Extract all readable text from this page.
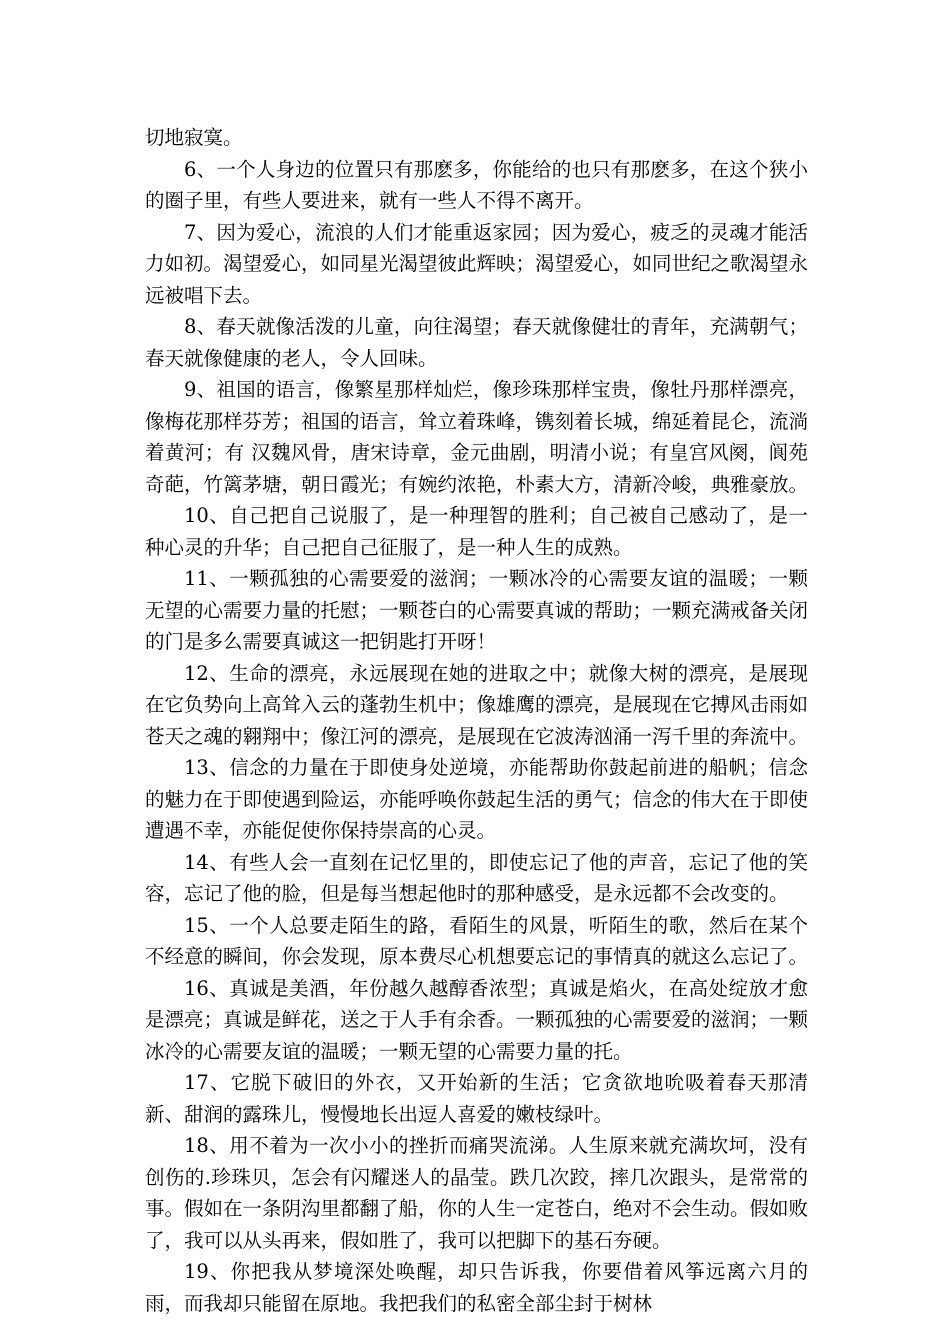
切地寂寞。

6、一个人身边的位置只有那麽多，你能给的也只有那麽多，在这个狭小的圈子里，有些人要进来，就有一些人不得不离开。

7、因为爱心，流浪的人们才能重返家园；因为爱心，疲乏的灵魂才能活力如初。渴望爱心，如同星光渴望彼此辉映；渴望爱心，如同世纪之歌渴望永远被唱下去。

8、春天就像活泼的儿童，向往渴望；春天就像健壮的青年，充满朝气；春天就像健康的老人，令人回味。

9、祖国的语言，像繁星那样灿烂，像珍珠那样宝贵，像牡丹那样漂亮，像梅花那样芬芳；祖国的语言，耸立着珠峰，镌刻着长城，绵延着昆仑，流淌着黄河；有 汉魏风骨，唐宋诗章，金元曲剧，明清小说；有皇宫风阕，阆苑奇葩，竹篱茅塘，朝日霞光；有婉约浓艳，朴素大方，清新冷峻，典雅豪放。

10、自己把自己说服了，是一种理智的胜利；自己被自己感动了，是一种心灵的升华；自己把自己征服了，是一种人生的成熟。

11、一颗孤独的心需要爱的滋润；一颗冰冷的心需要友谊的温暖；一颗无望的心需要力量的托慰；一颗苍白的心需要真诚的帮助；一颗充满戒备关闭的门是多么需要真诚这一把钥匙打开呀！

12、生命的漂亮，永远展现在她的进取之中；就像大树的漂亮，是展现在它负势向上高耸入云的蓬勃生机中；像雄鹰的漂亮，是展现在它搏风击雨如苍天之魂的翱翔中；像江河的漂亮，是展现在它波涛汹涌一泻千里的奔流中。

13、信念的力量在于即使身处逆境，亦能帮助你鼓起前进的船帆；信念的魅力在于即使遇到险运，亦能呼唤你鼓起生活的勇气；信念的伟大在于即使遭遇不幸，亦能促使你保持崇高的心灵。

14、有些人会一直刻在记忆里的，即使忘记了他的声音，忘记了他的笑容，忘记了他的脸，但是每当想起他时的那种感受，是永远都不会改变的。

15、一个人总要走陌生的路，看陌生的风景，听陌生的歌，然后在某个不经意的瞬间，你会发现，原本费尽心机想要忘记的事情真的就这么忘记了。

16、真诚是美酒，年份越久越醇香浓型；真诚是焰火，在高处绽放才愈是漂亮；真诚是鲜花，送之于人手有余香。一颗孤独的心需要爱的滋润；一颗冰冷的心需要友谊的温暖；一颗无望的心需要力量的托。

17、它脱下破旧的外衣，又开始新的生活；它贪欲地吮吸着春天那清新、甜润的露珠儿，慢慢地长出逗人喜爱的嫩枝绿叶。

18、用不着为一次小小的挫折而痛哭流涕。人生原来就充满坎坷，没有创伤的.珍珠贝，怎会有闪耀迷人的晶莹。跌几次跤，摔几次跟头，是常常的事。假如在一条阴沟里都翻了船，你的人生一定苍白，绝对不会生动。假如败了，我可以从头再来，假如胜了，我可以把脚下的基石夯硬。

19、你把我从梦境深处唤醒，却只告诉我，你要借着风筝远离六月的雨，而我却只能留在原地。我把我们的私密全部尘封于树林
